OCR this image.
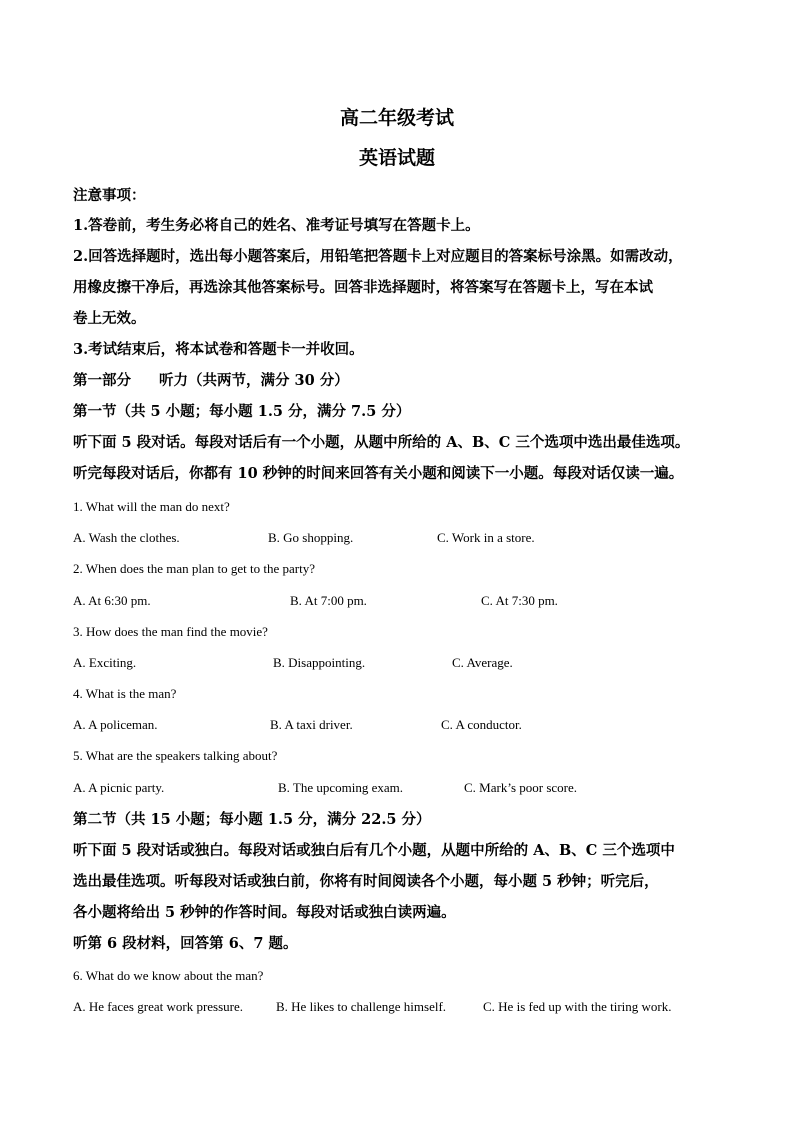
高二年级考试
英语试题
注意事项：
1.答卷前，考生务必将自己的姓名、准考证号填写在答题卡上。
2.回答选择题时，选出每小题答案后，用铅笔把答题卡上对应题目的答案标号涂黑。如需改动，
用橡皮擦干净后，再选涂其他答案标号。回答非选择题时，将答案写在答题卡上，写在本试
卷上无效。
3.考试结束后，将本试卷和答题卡一并收回。
第一部分 听力（共两节，满分 30 分）
第一节（共 5 小题；每小题 1.5 分，满分 7.5 分）
听下面 5 段对话。每段对话后有一个小题，从题中所给的 A、B、C 三个选项中选出最佳选项。
听完每段对话后，你都有 10 秒钟的时间来回答有关小题和阅读下一小题。每段对话仅读一遍。
1. What will the man do next?
A. Wash the clothes.	B. Go shopping.	C. Work in a store.
2. When does the man plan to get to the party?
A. At 6:30 pm.	B. At 7:00 pm.	C. At 7:30 pm.
3. How does the man find the movie?
A. Exciting.	B. Disappointing.	C. Average.
4. What is the man?
A. A policeman.	B. A taxi driver.	C. A conductor.
5. What are the speakers talking about?
A. A picnic party.	B. The upcoming exam.	C. Mark’s poor score.
第二节（共 15 小题；每小题 1.5 分，满分 22.5 分）
听下面 5 段对话或独白。每段对话或独白后有几个小题，从题中所给的 A、B、C 三个选项中
选出最佳选项。听每段对话或独白前，你将有时间阅读各个小题，每小题 5 秒钟；听完后，
各小题将给出 5 秒钟的作答时间。每段对话或独白读两遍。
听第 6 段材料，回答第 6、7 题。
6. What do we know about the man?
A. He faces great work pressure.	B. He likes to challenge himself.	C. He is fed up with the tiring work.
